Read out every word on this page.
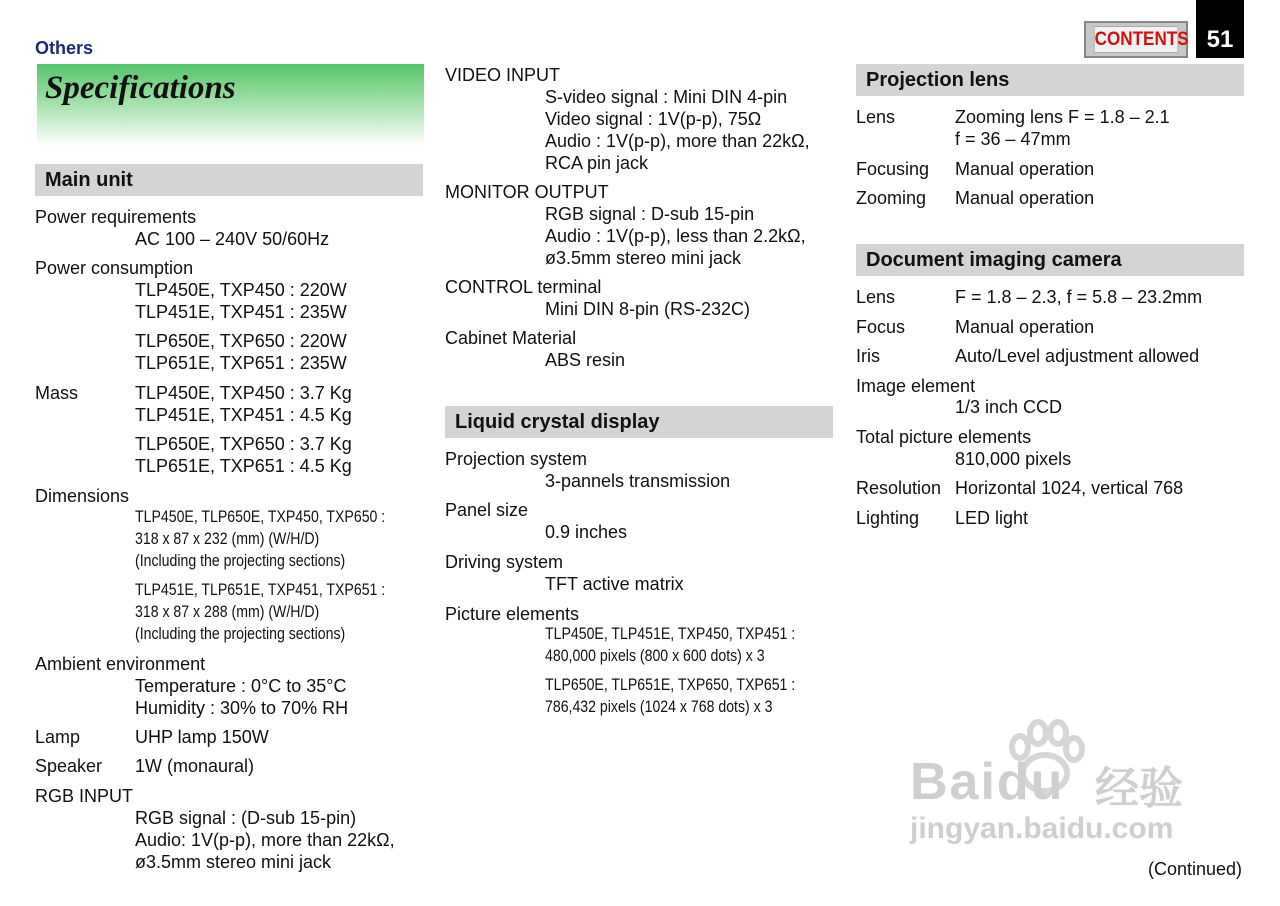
Others
Specifications
CONTENTS 51
Main unit
Power requirements
AC 100 – 240V 50/60Hz
Power consumption
TLP450E, TXP450 : 220W
TLP451E, TXP451 : 235W
TLP650E, TXP650 : 220W
TLP651E, TXP651 : 235W
Mass	TLP450E, TXP450 : 3.7 Kg
TLP451E, TXP451 : 4.5 Kg
TLP650E, TXP650 : 3.7 Kg
TLP651E, TXP651 : 4.5 Kg
Dimensions
TLP450E, TLP650E, TXP450, TXP650 :
318 x 87 x 232 (mm) (W/H/D)
(Including the projecting sections)
TLP451E, TLP651E, TXP451, TXP651 :
318 x 87 x 288 (mm) (W/H/D)
(Including the projecting sections)
Ambient environment
Temperature : 0°C to 35°C
Humidity : 30% to 70% RH
Lamp	UHP lamp 150W
Speaker 1W (monaural)
RGB INPUT
RGB signal : (D-sub 15-pin)
Audio: 1V(p-p), more than 22kΩ,
ø3.5mm stereo mini jack
VIDEO INPUT
S-video signal : Mini DIN 4-pin
Video signal : 1V(p-p), 75Ω
Audio : 1V(p-p), more than 22kΩ,
RCA pin jack
MONITOR OUTPUT
RGB signal : D-sub 15-pin
Audio : 1V(p-p), less than 2.2kΩ,
ø3.5mm stereo mini jack
CONTROL terminal
Mini DIN 8-pin (RS-232C)
Cabinet Material
ABS resin
Liquid crystal display
Projection system
3-pannels transmission
Panel size
0.9 inches
Driving system
TFT active matrix
Picture elements
TLP450E, TLP451E, TXP450, TXP451 :
480,000 pixels (800 x 600 dots) x 3
TLP650E, TLP651E, TXP650, TXP651 :
786,432 pixels (1024 x 768 dots) x 3
Projection lens
Lens	Zooming lens F = 1.8 – 2.1
f = 36 – 47mm
Focusing Manual operation
Zooming Manual operation
Document imaging camera
Lens	F = 1.8 – 2.3, f = 5.8 – 23.2mm
Focus	Manual operation
Iris	Auto/Level adjustment allowed
Image element
1/3 inch CCD
Total picture elements
810,000 pixels
Resolution Horizontal 1024, vertical 768
Lighting LED light
Baidu 经验
jingyan.baidu.com
(Continued)
